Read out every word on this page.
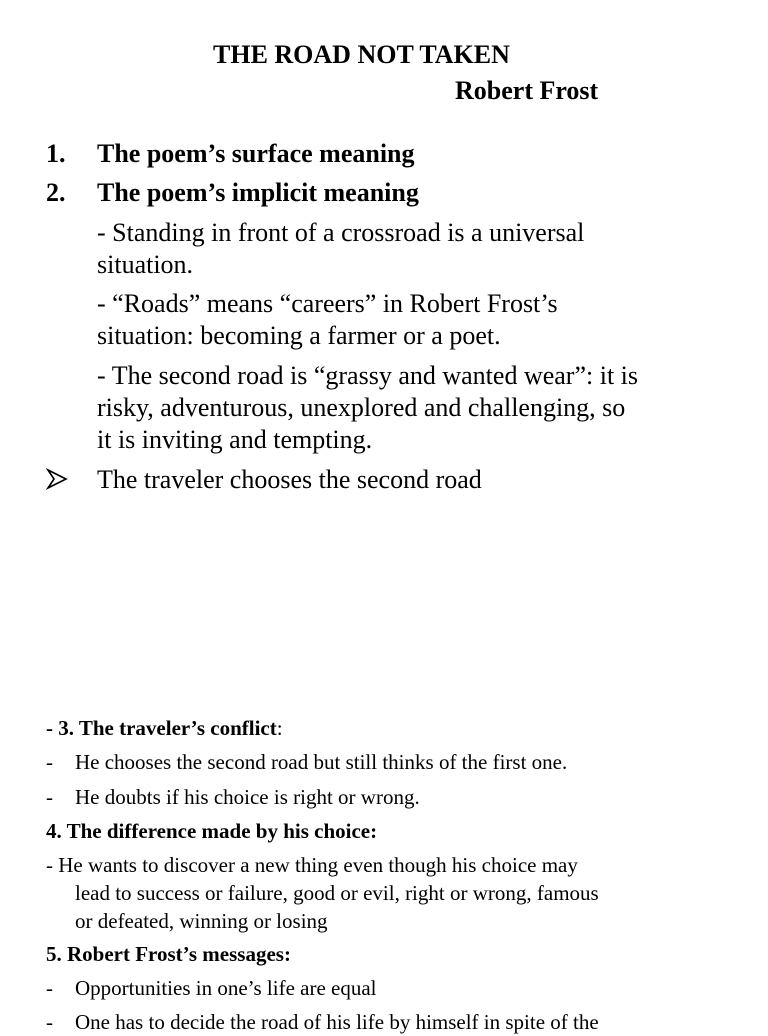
THE ROAD NOT TAKEN
Robert Frost
1. The poem’s surface meaning
2. The poem’s implicit meaning
- Standing in front of a crossroad is a universal
situation.
- “Roads” means “careers” in Robert Frost’s
situation: becoming a farmer or a poet.
- The second road is “grassy and wanted wear”: it is
risky, adventurous, unexplored and challenging, so
it is inviting and tempting.
The traveler chooses the second road
- 3. The traveler’s conflict:
- He chooses the second road but still thinks of the first one.
- He doubts if his choice is right or wrong.
4. The difference made by his choice:
- He wants to discover a new thing even though his choice may
lead to success or failure, good or evil, right or wrong, famous
or defeated, winning or losing
5. Robert Frost’s messages:
- Opportunities in one’s life are equal
- One has to decide the road of his life by himself in spite of the
